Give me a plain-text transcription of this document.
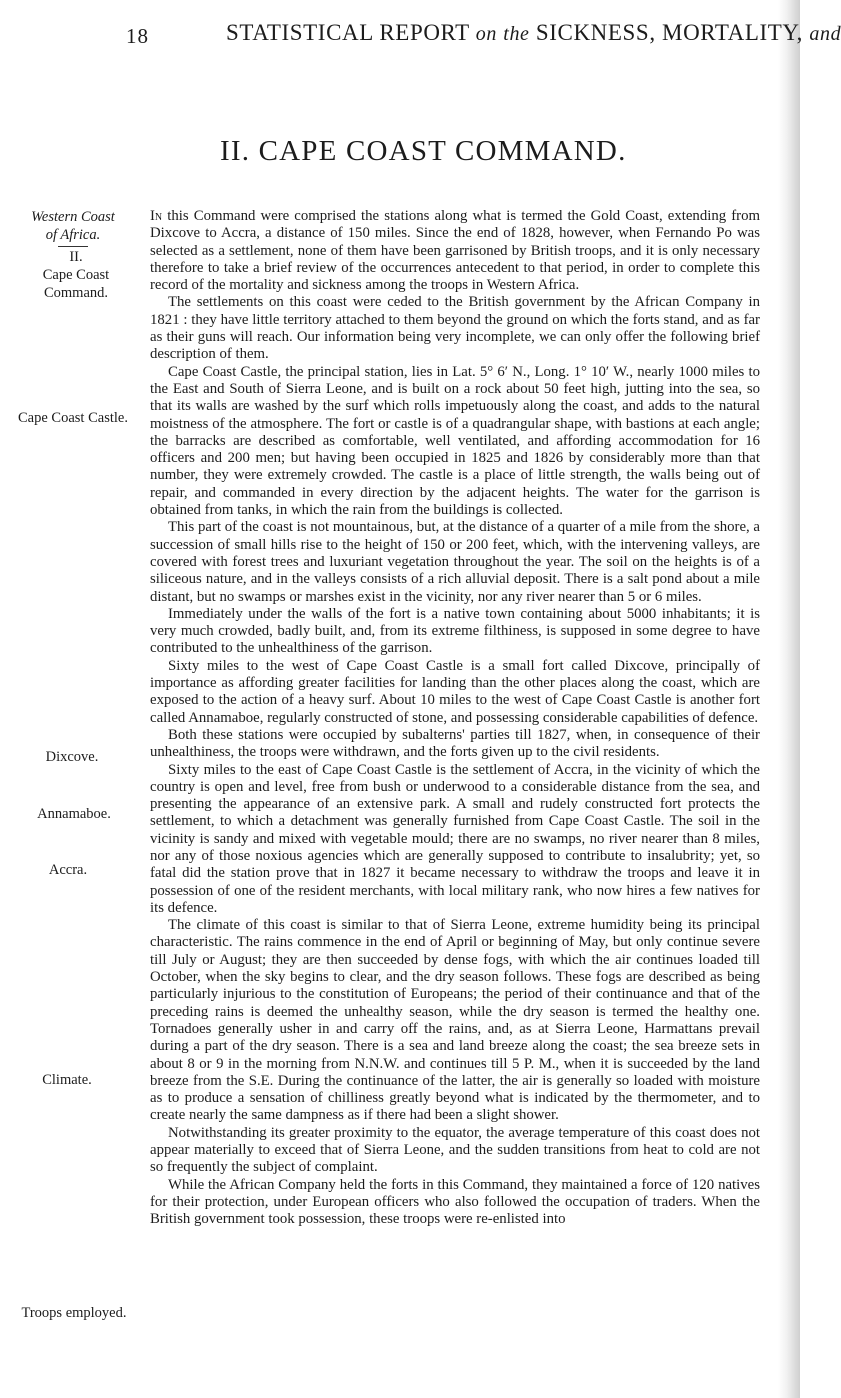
18	STATISTICAL REPORT on the SICKNESS, MORTALITY, and
II. CAPE COAST COMMAND.
Western Coast of Africa.
II.
Cape Coast Command.
Cape Coast Castle.
Dixcove.
Annamaboe.
Accra.
Climate.
Troops employed.

In this Command were comprised the stations along what is termed the Gold Coast, extending from Dixcove to Accra, a distance of 150 miles. Since the end of 1828, however, when Fernando Po was selected as a settlement, none of them have been garrisoned by British troops, and it is only necessary therefore to take a brief review of the occurrences antecedent to that period, in order to complete this record of the mortality and sickness among the troops in Western Africa.

The settlements on this coast were ceded to the British government by the African Company in 1821 : they have little territory attached to them beyond the ground on which the forts stand, and as far as their guns will reach. Our information being very incomplete, we can only offer the following brief description of them.

Cape Coast Castle, the principal station, lies in Lat. 5° 6′ N., Long. 1° 10′ W., nearly 1000 miles to the East and South of Sierra Leone, and is built on a rock about 50 feet high, jutting into the sea, so that its walls are washed by the surf which rolls impetuously along the coast, and adds to the natural moistness of the atmosphere. The fort or castle is of a quadrangular shape, with bastions at each angle; the barracks are described as comfortable, well ventilated, and affording accommodation for 16 officers and 200 men; but having been occupied in 1825 and 1826 by considerably more than that number, they were extremely crowded. The castle is a place of little strength, the walls being out of repair, and commanded in every direction by the adjacent heights. The water for the garrison is obtained from tanks, in which the rain from the buildings is collected.

This part of the coast is not mountainous, but, at the distance of a quarter of a mile from the shore, a succession of small hills rise to the height of 150 or 200 feet, which, with the intervening valleys, are covered with forest trees and luxuriant vegetation throughout the year. The soil on the heights is of a siliceous nature, and in the valleys consists of a rich alluvial deposit. There is a salt pond about a mile distant, but no swamps or marshes exist in the vicinity, nor any river nearer than 5 or 6 miles.

Immediately under the walls of the fort is a native town containing about 5000 inhabitants; it is very much crowded, badly built, and, from its extreme filthiness, is supposed in some degree to have contributed to the unhealthiness of the garrison.

Sixty miles to the west of Cape Coast Castle is a small fort called Dixcove, principally of importance as affording greater facilities for landing than the other places along the coast, which are exposed to the action of a heavy surf. About 10 miles to the west of Cape Coast Castle is another fort called Annamaboe, regularly constructed of stone, and possessing considerable capabilities of defence.

Both these stations were occupied by subalterns' parties till 1827, when, in consequence of their unhealthiness, the troops were withdrawn, and the forts given up to the civil residents.

Sixty miles to the east of Cape Coast Castle is the settlement of Accra, in the vicinity of which the country is open and level, free from bush or underwood to a considerable distance from the sea, and presenting the appearance of an extensive park. A small and rudely constructed fort protects the settlement, to which a detachment was generally furnished from Cape Coast Castle. The soil in the vicinity is sandy and mixed with vegetable mould; there are no swamps, no river nearer than 8 miles, nor any of those noxious agencies which are generally supposed to contribute to insalubrity; yet, so fatal did the station prove that in 1827 it became necessary to withdraw the troops and leave it in possession of one of the resident merchants, with local military rank, who now hires a few natives for its defence.

The climate of this coast is similar to that of Sierra Leone, extreme humidity being its principal characteristic. The rains commence in the end of April or beginning of May, but only continue severe till July or August; they are then succeeded by dense fogs, with which the air continues loaded till October, when the sky begins to clear, and the dry season follows. These fogs are described as being particularly injurious to the constitution of Europeans; the period of their continuance and that of the preceding rains is deemed the unhealthy season, while the dry season is termed the healthy one. Tornadoes generally usher in and carry off the rains, and, as at Sierra Leone, Harmattans prevail during a part of the dry season. There is a sea and land breeze along the coast; the sea breeze sets in about 8 or 9 in the morning from N.N.W. and continues till 5 P. M., when it is succeeded by the land breeze from the S.E. During the continuance of the latter, the air is generally so loaded with moisture as to produce a sensation of chilliness greatly beyond what is indicated by the thermometer, and to create nearly the same dampness as if there had been a slight shower.

Notwithstanding its greater proximity to the equator, the average temperature of this coast does not appear materially to exceed that of Sierra Leone, and the sudden transitions from heat to cold are not so frequently the subject of complaint.

While the African Company held the forts in this Command, they maintained a force of 120 natives for their protection, under European officers who also followed the occupation of traders. When the British government took possession, these troops were re-enlisted into
